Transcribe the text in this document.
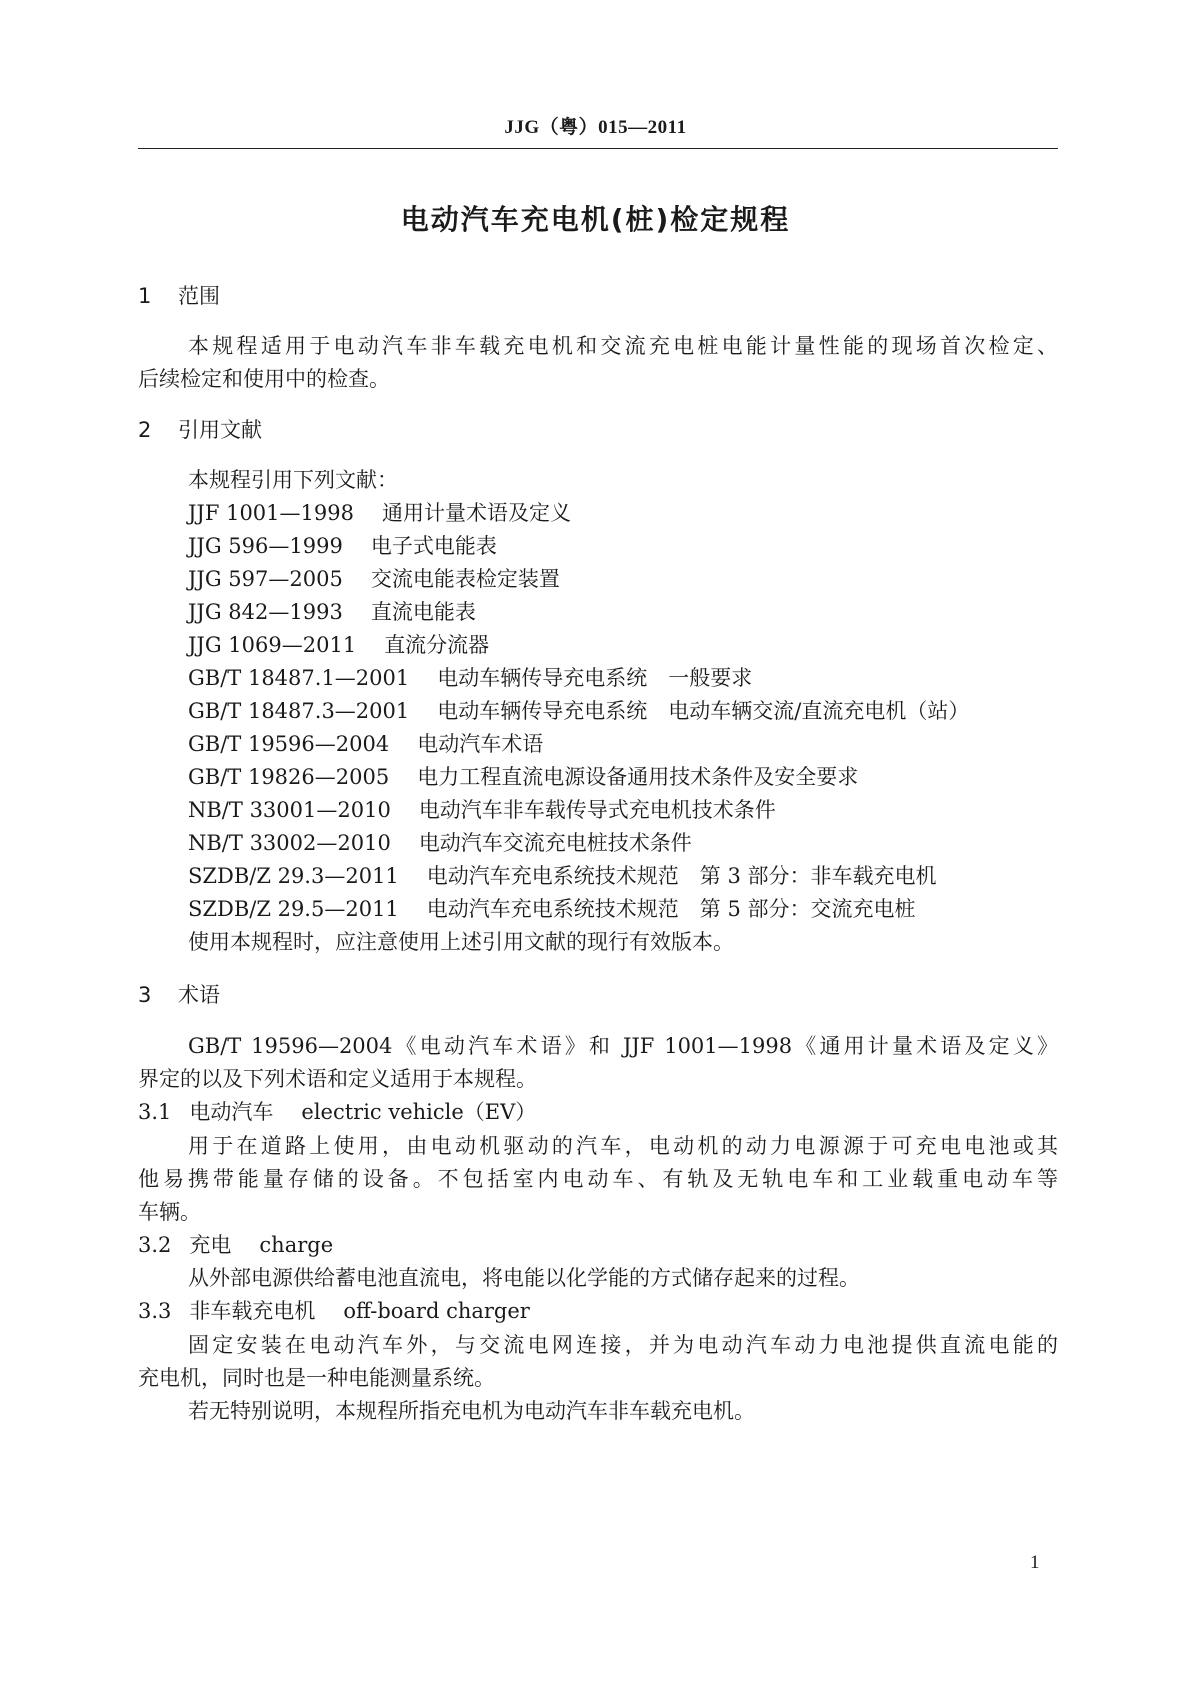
JJG（粤）015—2011
电动汽车充电机(桩)检定规程
1 范围
本规程适用于电动汽车非车载充电机和交流充电桩电能计量性能的现场首次检定、
后续检定和使用中的检查。
2 引用文献
本规程引用下列文献：
JJF 1001—1998 通用计量术语及定义
JJG 596—1999 电子式电能表
JJG 597—2005 交流电能表检定装置
JJG 842—1993 直流电能表
JJG 1069—2011 直流分流器
GB/T 18487.1—2001 电动车辆传导充电系统　一般要求
GB/T 18487.3—2001 电动车辆传导充电系统　电动车辆交流/直流充电机（站）
GB/T 19596—2004 电动汽车术语
GB/T 19826—2005 电力工程直流电源设备通用技术条件及安全要求
NB/T 33001—2010 电动汽车非车载传导式充电机技术条件
NB/T 33002—2010 电动汽车交流充电桩技术条件
SZDB/Z 29.3—2011 电动汽车充电系统技术规范　第 3 部分：非车载充电机
SZDB/Z 29.5—2011 电动汽车充电系统技术规范　第 5 部分：交流充电桩
使用本规程时，应注意使用上述引用文献的现行有效版本。
3 术语
GB/T 19596—2004《电动汽车术语》和 JJF 1001—1998《通用计量术语及定义》
界定的以及下列术语和定义适用于本规程。
3.1 电动汽车 electric vehicle（EV）
用于在道路上使用，由电动机驱动的汽车，电动机的动力电源源于可充电电池或其
他易携带能量存储的设备。不包括室内电动车、有轨及无轨电车和工业载重电动车等
车辆。
3.2 充电 charge
从外部电源供给蓄电池直流电，将电能以化学能的方式储存起来的过程。
3.3 非车载充电机 off-board charger
固定安装在电动汽车外，与交流电网连接，并为电动汽车动力电池提供直流电能的
充电机，同时也是一种电能测量系统。
若无特别说明，本规程所指充电机为电动汽车非车载充电机。
1
